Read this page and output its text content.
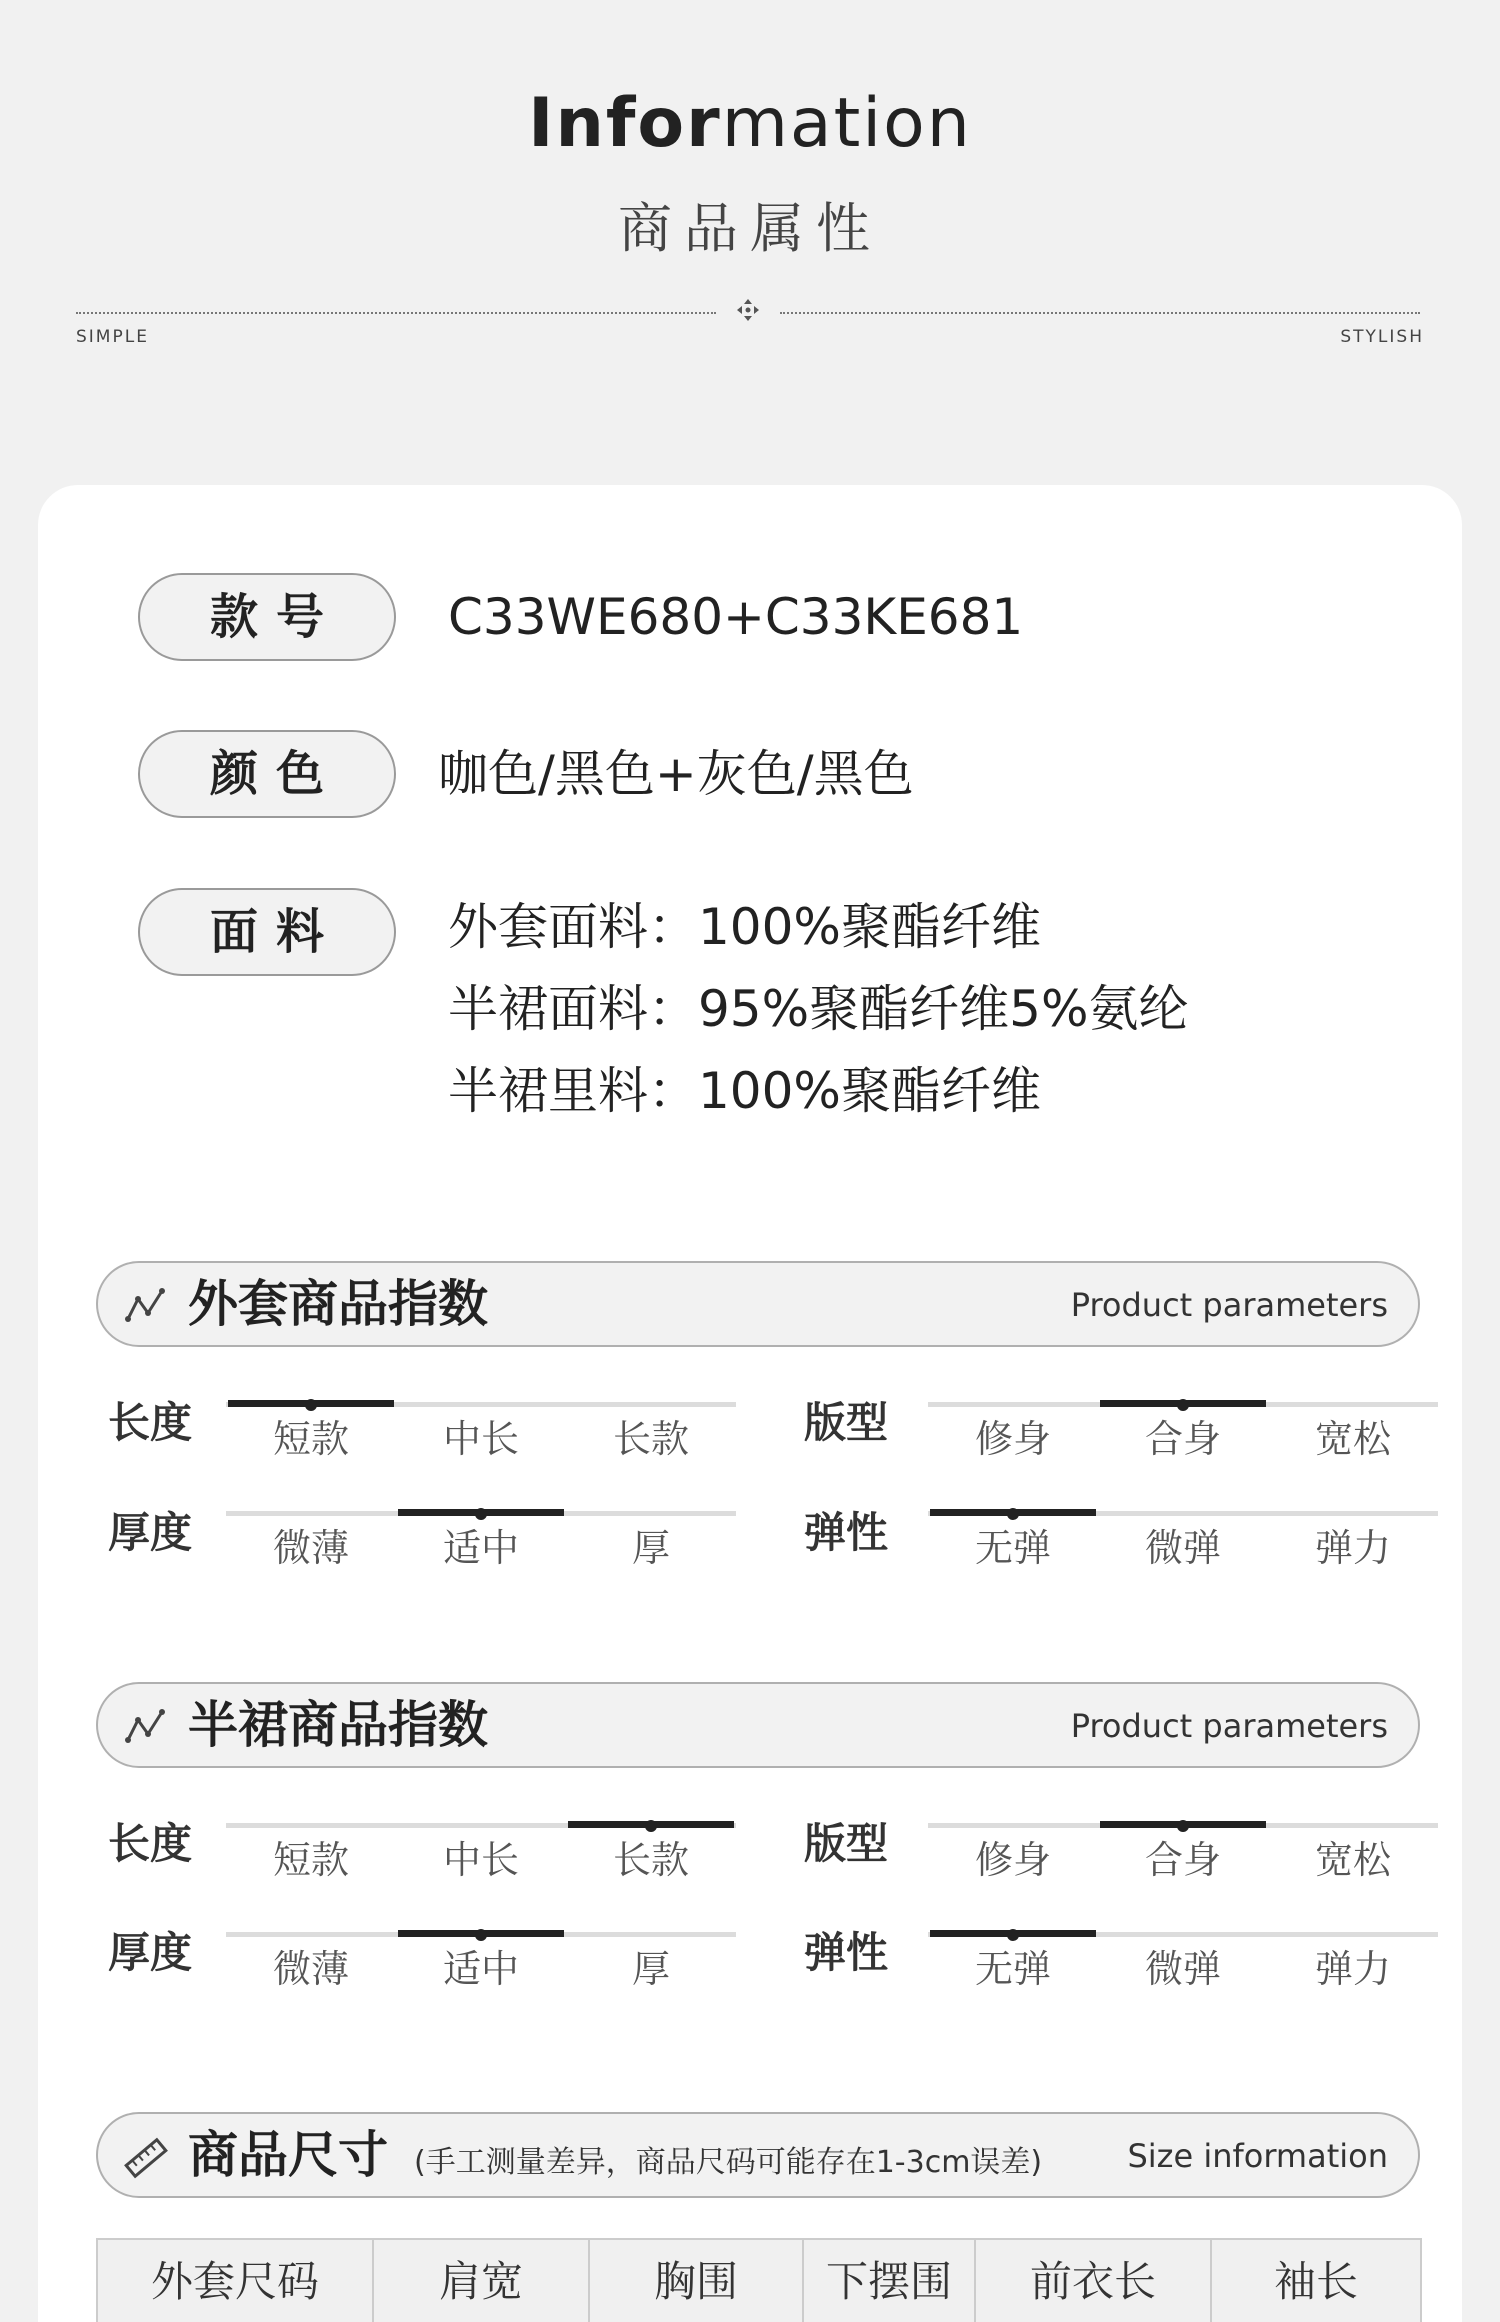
Information
商品属性
SIMPLE	STYLISH
款号	C33WE680+C33KE681
颜色	咖色/黑色+灰色/黑色
面料	外套面料：100%聚酯纤维
半裙面料：95%聚酯纤维5%氨纶
半裙里料：100%聚酯纤维
外套商品指数	Product parameters
长度	短款	中长	长款	版型	修身	合身	宽松
厚度	微薄	适中	厚	弹性	无弹	微弹	弹力
半裙商品指数	Product parameters
长度	短款	中长	长款	版型	修身	合身	宽松
厚度	微薄	适中	厚	弹性	无弹	微弹	弹力
商品尺寸 (手工测量差异，商品尺码可能存在1-3cm误差)	Size information
外套尺码	肩宽	胸围	下摆围	前衣长	袖长
